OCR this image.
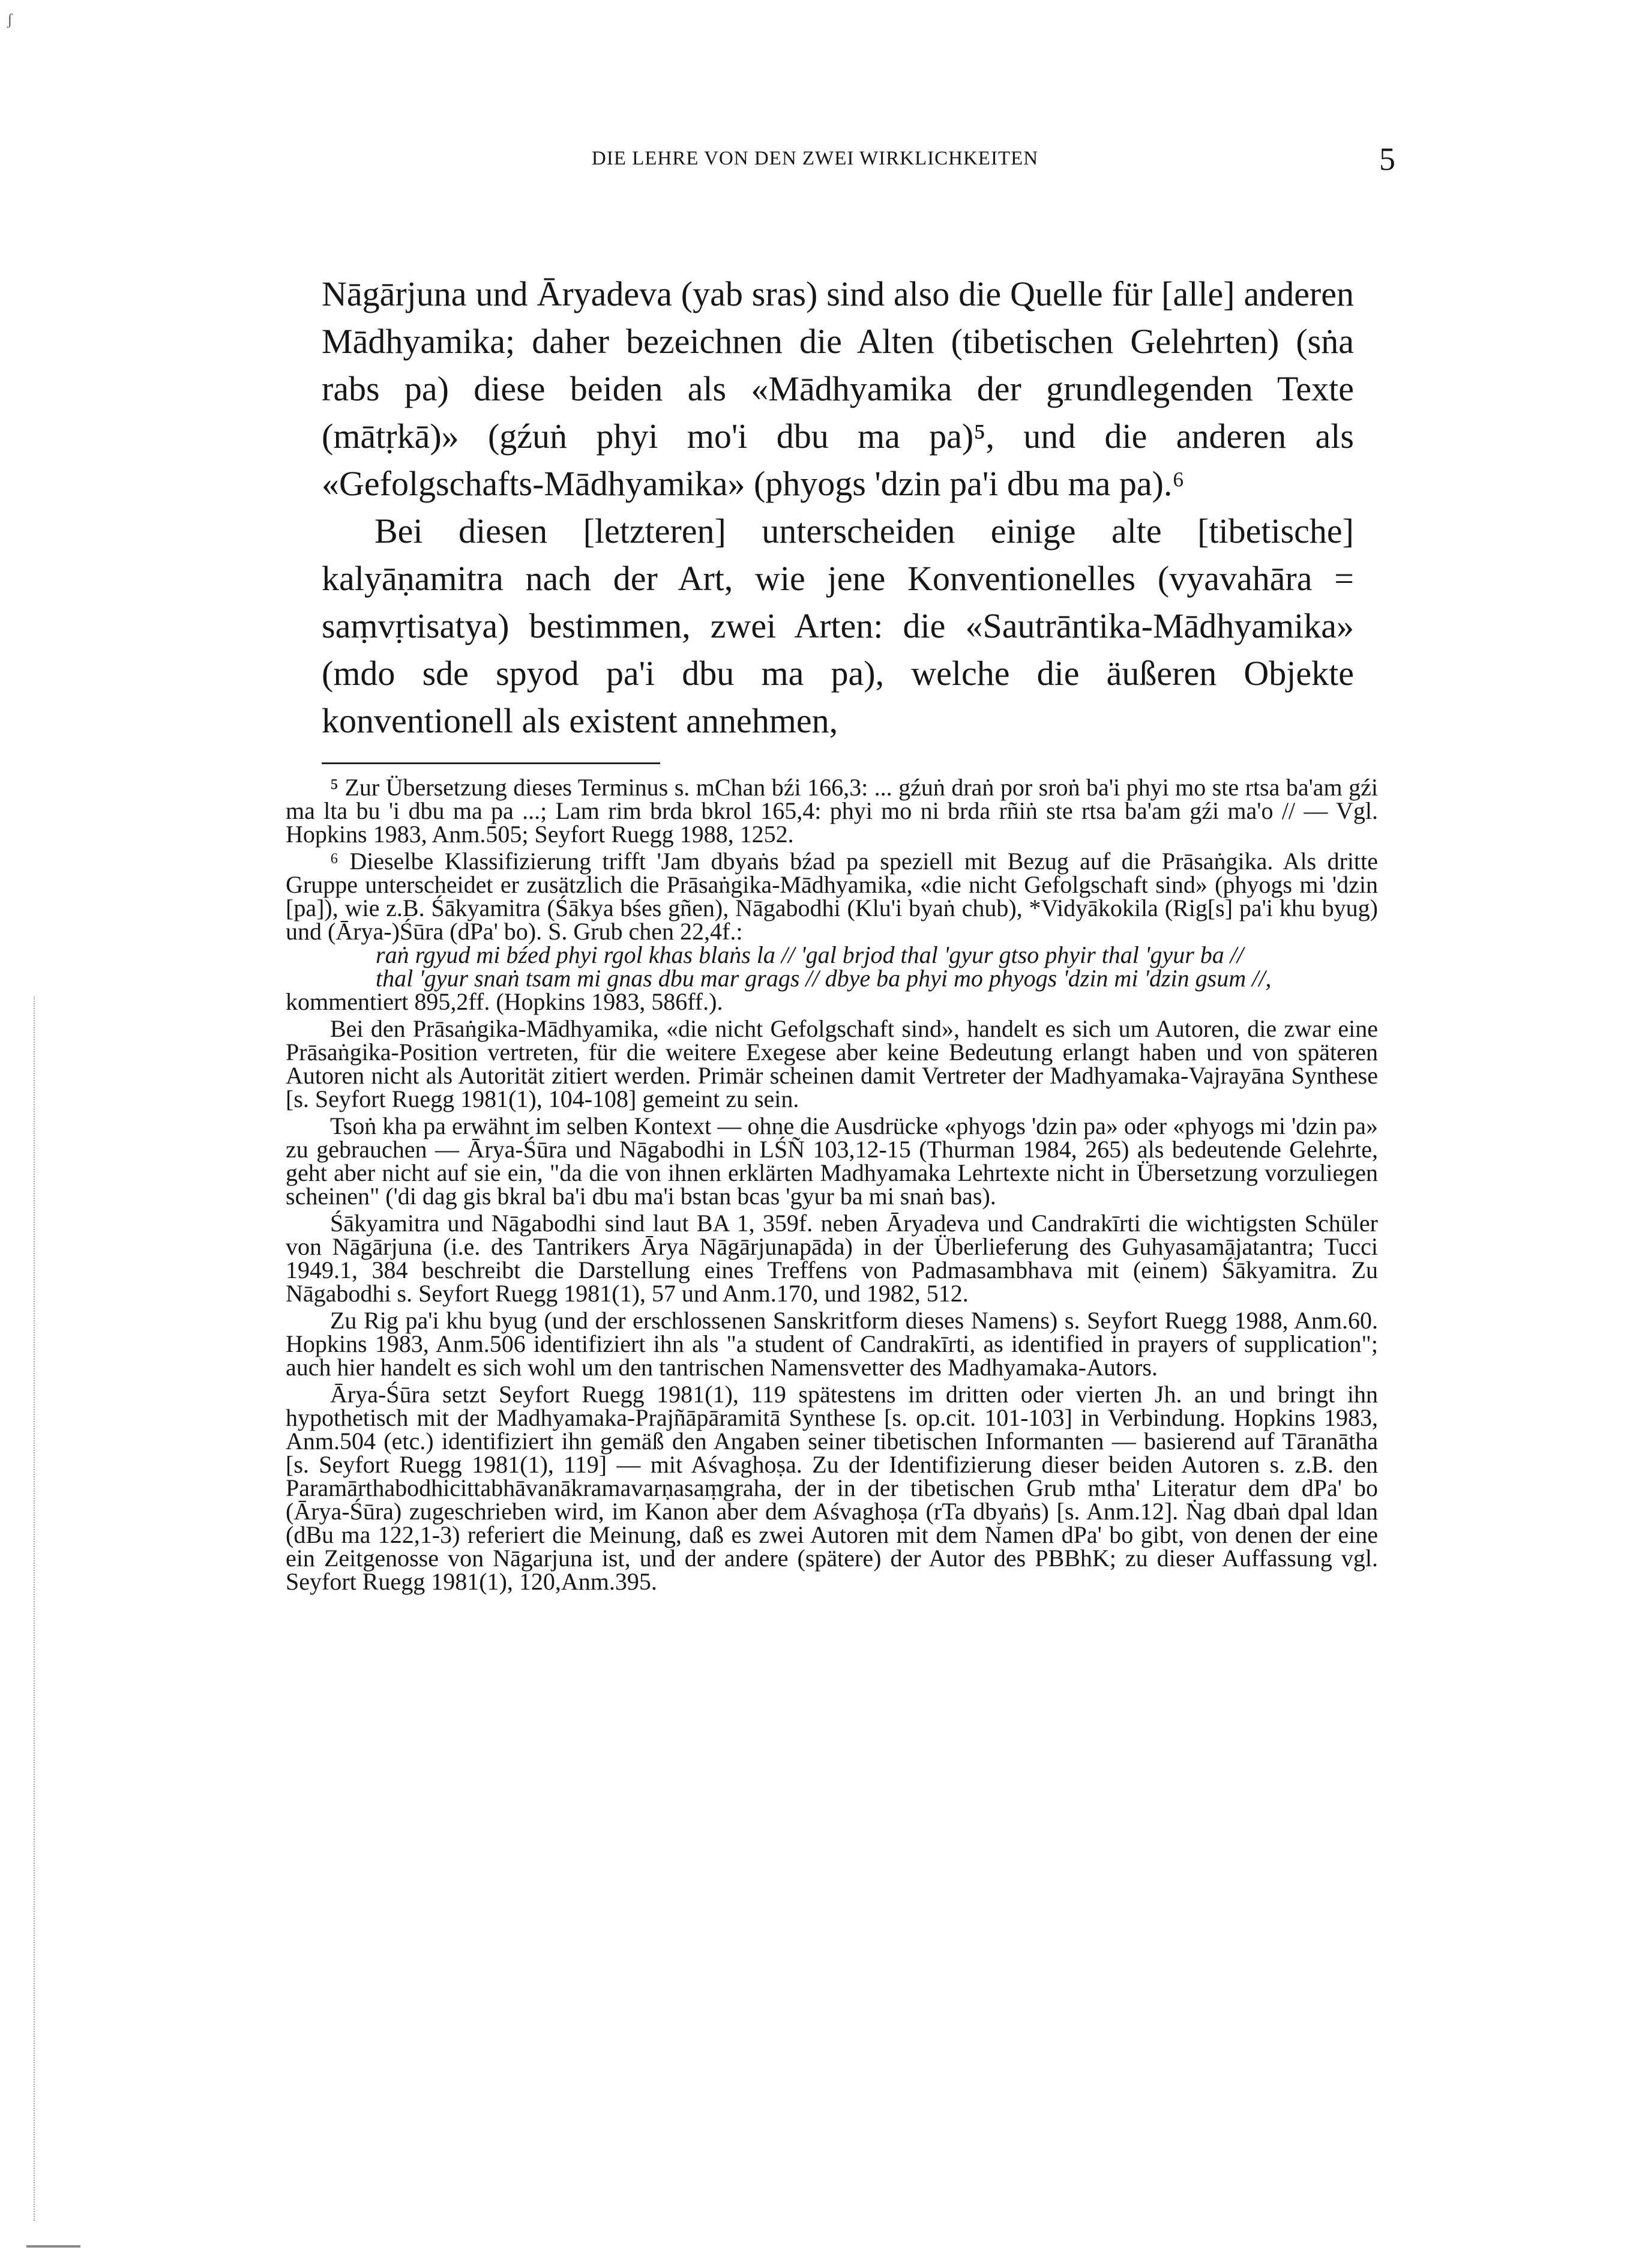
DIE LEHRE VON DEN ZWEI WIRKLICHKEITEN	5
ʃ

Nāgārjuna und Āryadeva (yab sras) sind also die Quelle für [alle] anderen Mādhyamika; daher bezeichnen die Alten (tibetischen Gelehrten) (sṅa rabs pa) diese beiden als «Mādhyamika der grundlegenden Texte (mātṛkā)» (gźuṅ phyi mo'i dbu ma pa)⁵, und die anderen als «Gefolgschafts-Mādhyamika» (phyogs 'dzin pa'i dbu ma pa).⁶

Bei diesen [letzteren] unterscheiden einige alte [tibetische] kalyāṇamitra nach der Art, wie jene Konventionelles (vyavahāra = saṃvṛtisatya) bestimmen, zwei Arten: die «Sautrāntika-Mādhyamika» (mdo sde spyod pa'i dbu ma pa), welche die äußeren Objekte konventionell als existent annehmen,

⁵ Zur Übersetzung dieses Terminus s. mChan bźi 166,3: ... gźuṅ draṅ por sroṅ ba'i phyi mo ste rtsa ba'am gźi ma lta bu 'i dbu ma pa ...; Lam rim brda bkrol 165,4: phyi mo ni brda rñiṅ ste rtsa ba'am gźi ma'o // — Vgl. Hopkins 1983, Anm.505; Seyfort Ruegg 1988, 1252.

⁶ Dieselbe Klassifizierung trifft 'Jam dbyaṅs bźad pa speziell mit Bezug auf die Prāsaṅgika. Als dritte Gruppe unterscheidet er zusätzlich die Prāsaṅgika-Mādhyamika, «die nicht Gefolgschaft sind» (phyogs mi 'dzin [pa]), wie z.B. Śākyamitra (Śākya bśes gñen), Nāgabodhi (Klu'i byaṅ chub), *Vidyākokila (Rig[s] pa'i khu byug) und (Ārya-)Śūra (dPa' bo). S. Grub chen 22,4f.:

raṅ rgyud mi bźed phyi rgol khas blaṅs la // 'gal brjod thal 'gyur gtso phyir thal 'gyur ba //

thal 'gyur snaṅ tsam mi gnas dbu mar grags // dbye ba phyi mo phyogs 'dzin mi 'dzin gsum //,

kommentiert 895,2ff. (Hopkins 1983, 586ff.).

Bei den Prāsaṅgika-Mādhyamika, «die nicht Gefolgschaft sind», handelt es sich um Autoren, die zwar eine Prāsaṅgika-Position vertreten, für die weitere Exegese aber keine Bedeutung erlangt haben und von späteren Autoren nicht als Autorität zitiert werden. Primär scheinen damit Vertreter der Madhyamaka-Vajrayāna Synthese [s. Seyfort Ruegg 1981(1), 104-108] gemeint zu sein.

Tsoṅ kha pa erwähnt im selben Kontext — ohne die Ausdrücke «phyogs 'dzin pa» oder «phyogs mi 'dzin pa» zu gebrauchen — Ārya-Śūra und Nāgabodhi in LŚÑ 103,12-15 (Thurman 1984, 265) als bedeutende Gelehrte, geht aber nicht auf sie ein, "da die von ihnen erklärten Madhyamaka Lehrtexte nicht in Übersetzung vorzuliegen scheinen" ('di dag gis bkral ba'i dbu ma'i bstan bcas 'gyur ba mi snaṅ bas).

Śākyamitra und Nāgabodhi sind laut BA 1, 359f. neben Āryadeva und Candrakīrti die wichtigsten Schüler von Nāgārjuna (i.e. des Tantrikers Ārya Nāgārjunapāda) in der Überlieferung des Guhyasamājatantra; Tucci 1949.1, 384 beschreibt die Darstellung eines Treffens von Padmasambhava mit (einem) Śākyamitra. Zu Nāgabodhi s. Seyfort Ruegg 1981(1), 57 und Anm.170, und 1982, 512.

Zu Rig pa'i khu byug (und der erschlossenen Sanskritform dieses Namens) s. Seyfort Ruegg 1988, Anm.60. Hopkins 1983, Anm.506 identifiziert ihn als "a student of Candrakīrti, as identified in prayers of supplication"; auch hier handelt es sich wohl um den tantrischen Namensvetter des Madhyamaka-Autors.

Ārya-Śūra setzt Seyfort Ruegg 1981(1), 119 spätestens im dritten oder vierten Jh. an und bringt ihn hypothetisch mit der Madhyamaka-Prajñāpāramitā Synthese [s. op.cit. 101-103] in Verbindung. Hopkins 1983, Anm.504 (etc.) identifiziert ihn gemäß den Angaben seiner tibetischen Informanten — basierend auf Tāranātha [s. Seyfort Ruegg 1981(1), 119] — mit Aśvaghoṣa. Zu der Identifizierung dieser beiden Autoren s. z.B. den Paramārthabodhicittabhāvanākramavarṇasaṃgraha, der in der tibetischen Grub mtha' Literatur dem dPa' bo (Ārya-Śūra) zugeschrieben wird, im Kanon aber dem Aśvaghoṣa (rTa dbyaṅs) [s. Anm.12]. Ṅag dbaṅ dpal ldan (dBu ma 122,1-3) referiert die Meinung, daß es zwei Autoren mit dem Namen dPa' bo gibt, von denen der eine ein Zeitgenosse von Nāgarjuna ist, und der andere (spätere) der Autor des PBBhK; zu dieser Auffassung vgl. Seyfort Ruegg 1981(1), 120,Anm.395.
